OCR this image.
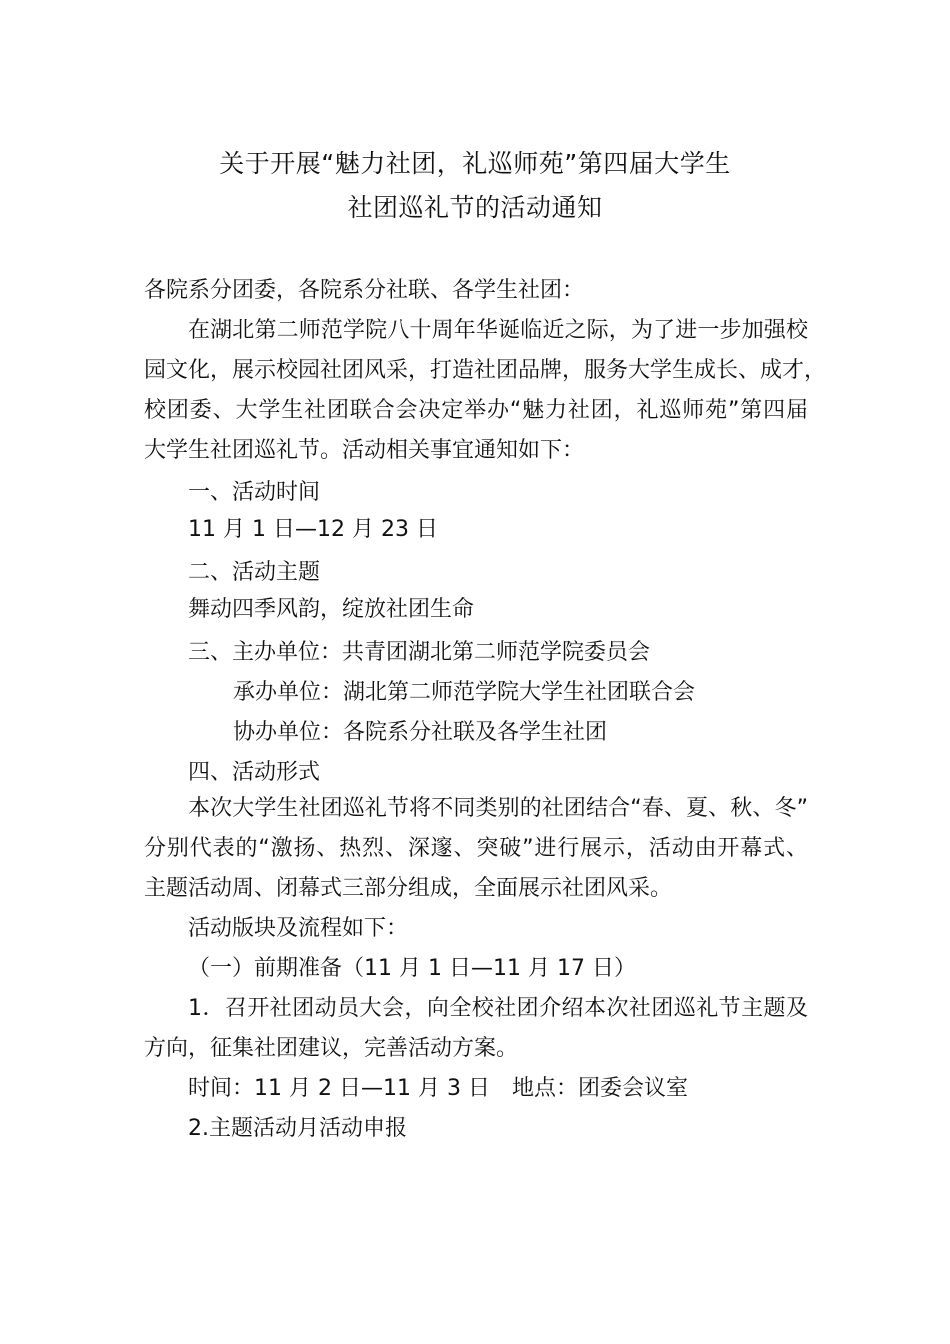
关于开展“魅力社团，礼巡师苑”第四届大学生
社团巡礼节的活动通知
各院系分团委，各院系分社联、各学生社团：
在湖北第二师范学院八十周年华诞临近之际，为了进一步加强校
园文化，展示校园社团风采，打造社团品牌，服务大学生成长、成才，
校团委、大学生社团联合会决定举办“魅力社团，礼巡师苑”第四届
大学生社团巡礼节。活动相关事宜通知如下：
一、活动时间
11 月 1 日—12 月 23 日
二、活动主题
舞动四季风韵，绽放社团生命
三、主办单位：共青团湖北第二师范学院委员会
承办单位：湖北第二师范学院大学生社团联合会
协办单位：各院系分社联及各学生社团
四、活动形式
本次大学生社团巡礼节将不同类别的社团结合“春、夏、秋、冬”
分别代表的“激扬、热烈、深邃、突破”进行展示，活动由开幕式、
主题活动周、闭幕式三部分组成，全面展示社团风采。
活动版块及流程如下：
（一）前期准备（11 月 1 日—11 月 17 日）
1．召开社团动员大会，向全校社团介绍本次社团巡礼节主题及
方向，征集社团建议，完善活动方案。
时间：11 月 2 日—11 月 3 日　地点：团委会议室
2.主题活动月活动申报
